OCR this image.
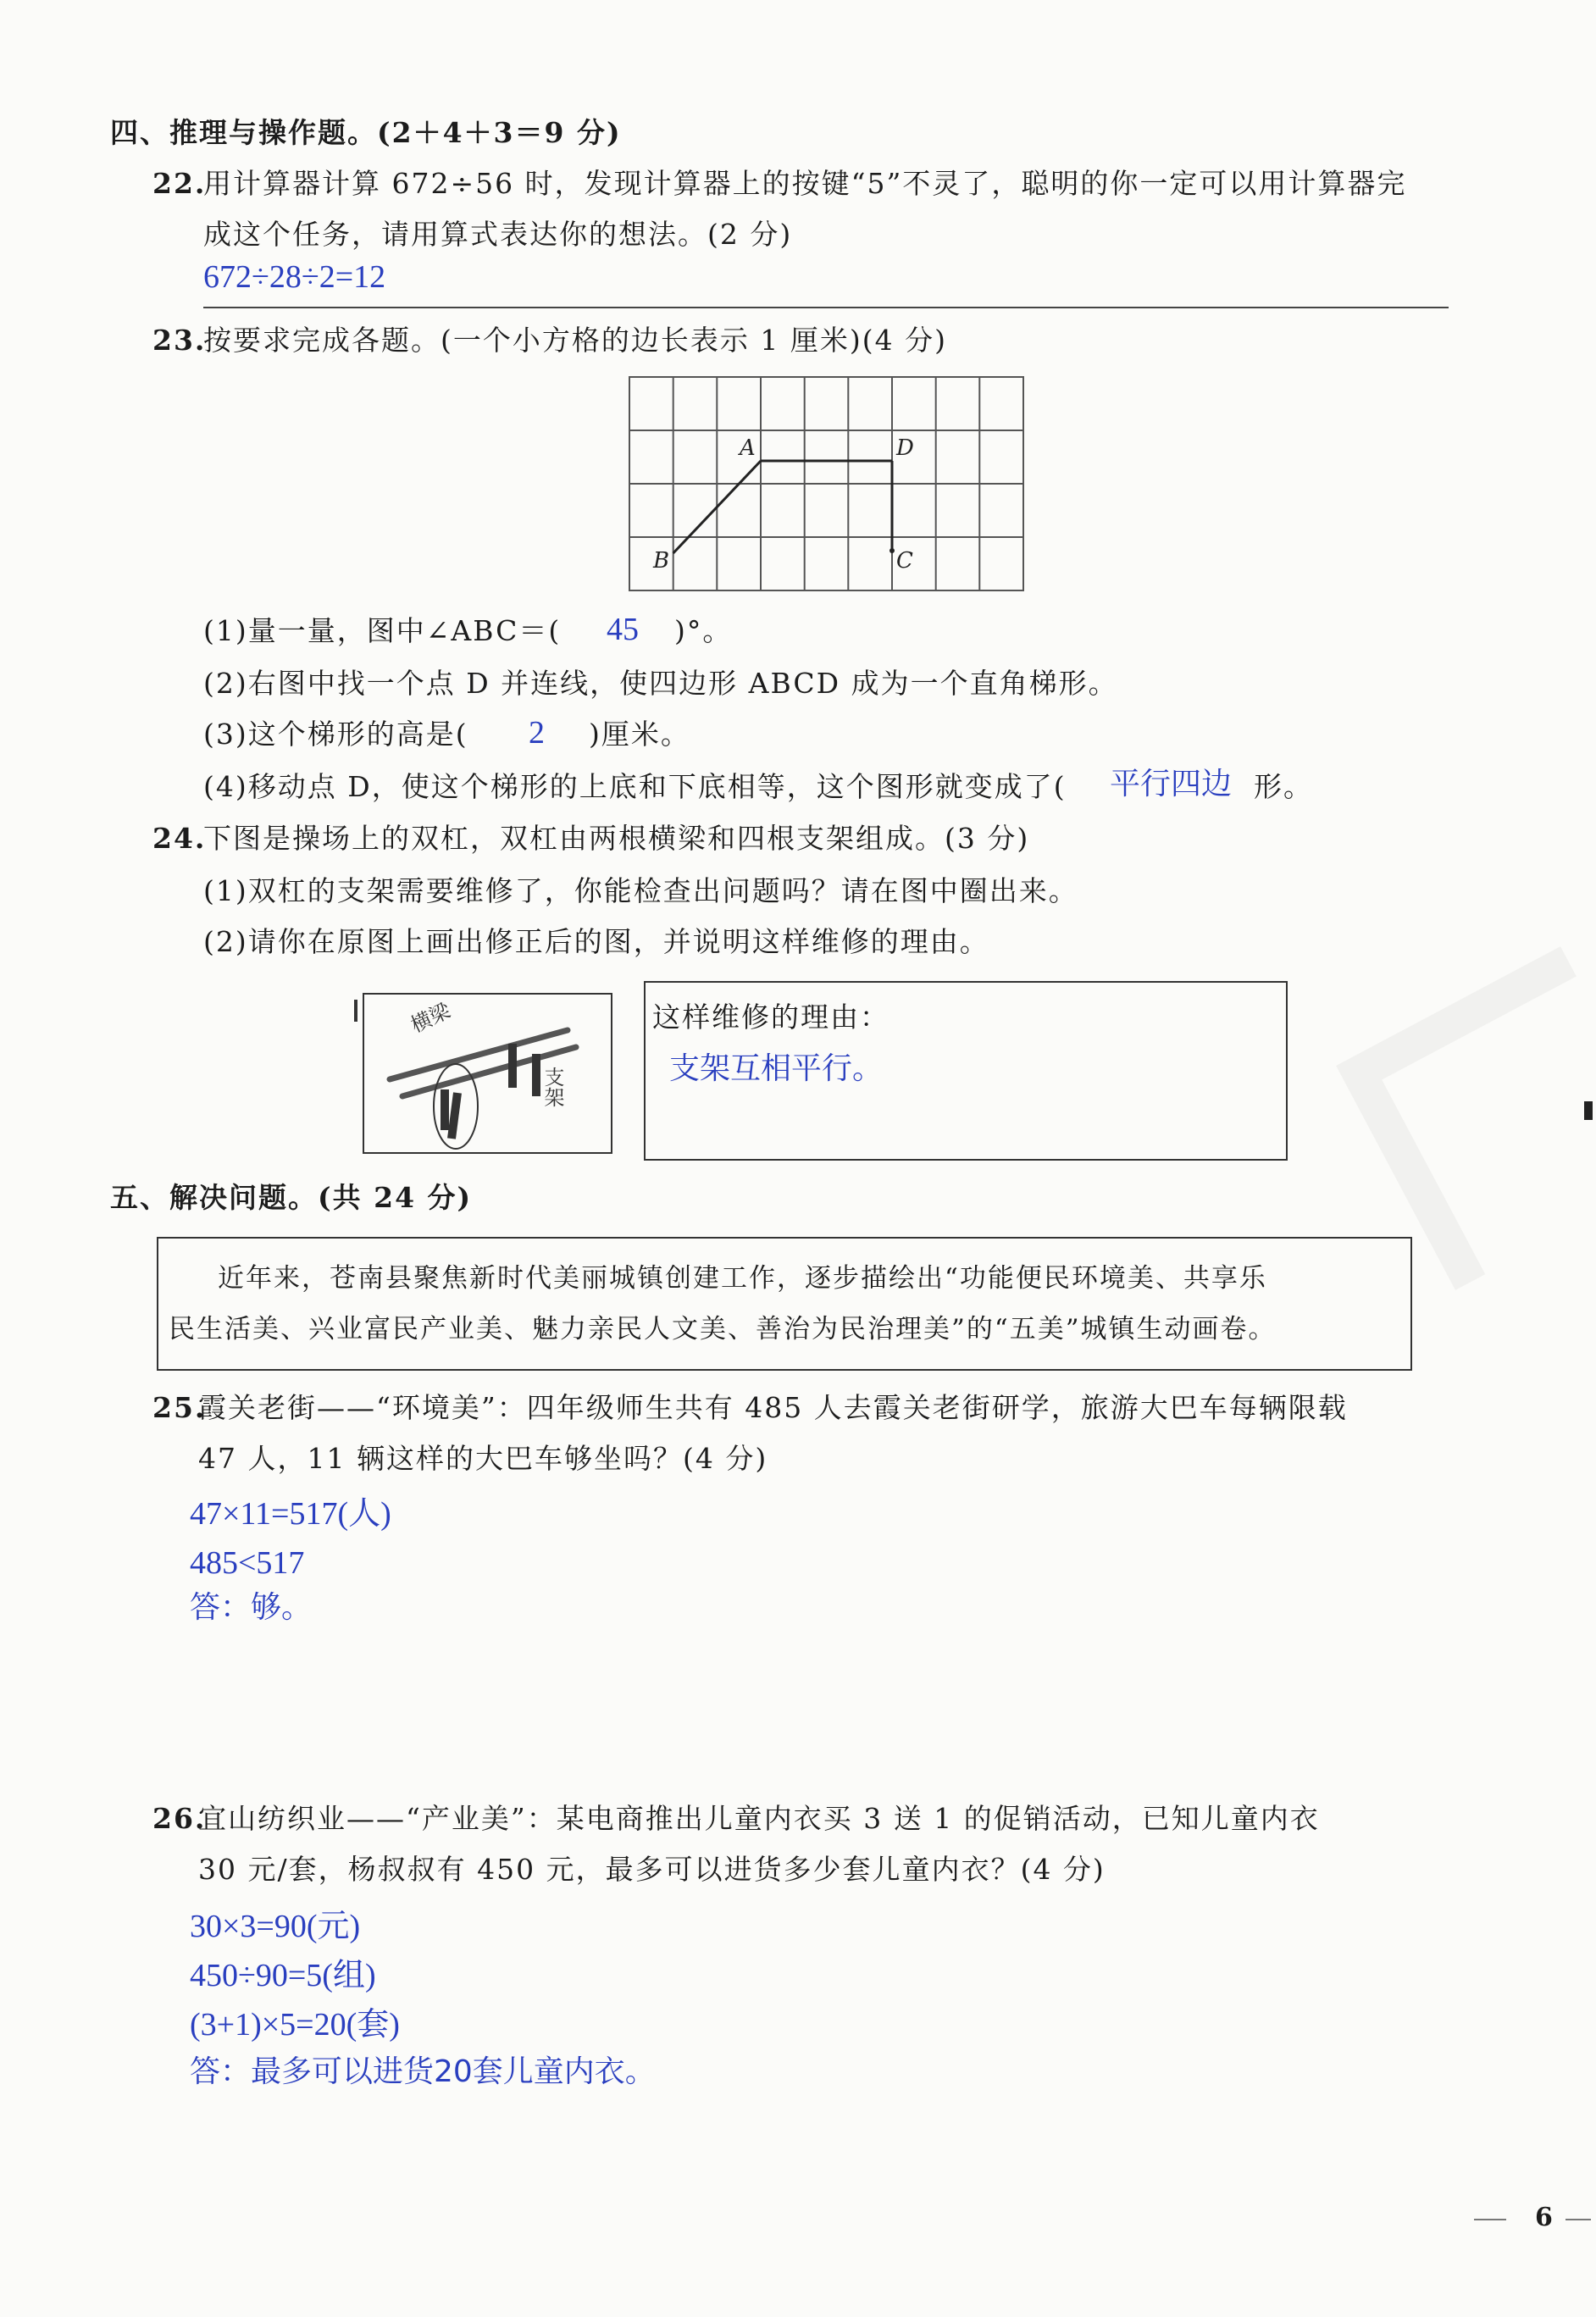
四、推理与操作题。(2＋4＋3＝9 分)
22.
用计算器计算 672÷56 时，发现计算器上的按键“5”不灵了，聪明的你一定可以用计算器完
成这个任务，请用算式表达你的想法。(2 分)
672÷28÷2=12
23.
按要求完成各题。(一个小方格的边长表示 1 厘米)(4 分)
A	D
B	C
(1)量一量，图中∠ABC＝( 45 )°。
(2)右图中找一个点 D 并连线，使四边形 ABCD 成为一个直角梯形。
(3)这个梯形的高是( 2 )厘米。
(4)移动点 D，使这个梯形的上底和下底相等，这个图形就变成了( 平行四边 形。
24.
下图是操场上的双杠，双杠由两根横梁和四根支架组成。(3 分)
(1)双杠的支架需要维修了，你能检查出问题吗？请在图中圈出来。
(2)请你在原图上画出修正后的图，并说明这样维修的理由。
横梁
支架
这样维修的理由：
支架互相平行。
五、解决问题。(共 24 分)
近年来，苍南县聚焦新时代美丽城镇创建工作，逐步描绘出“功能便民环境美、共享乐
民生活美、兴业富民产业美、魅力亲民人文美、善治为民治理美”的“五美”城镇生动画卷。
25.
霞关老街——“环境美”：四年级师生共有 485 人去霞关老街研学，旅游大巴车每辆限载
47 人，11 辆这样的大巴车够坐吗？(4 分)
47×11=517(人)
485<517
答：够。
26.
宜山纺织业——“产业美”：某电商推出儿童内衣买 3 送 1 的促销活动，已知儿童内衣
30 元/套，杨叔叔有 450 元，最多可以进货多少套儿童内衣？(4 分)
30×3=90(元)
450÷90=5(组)
(3+1)×5=20(套)
答：最多可以进货20套儿童内衣。
6
